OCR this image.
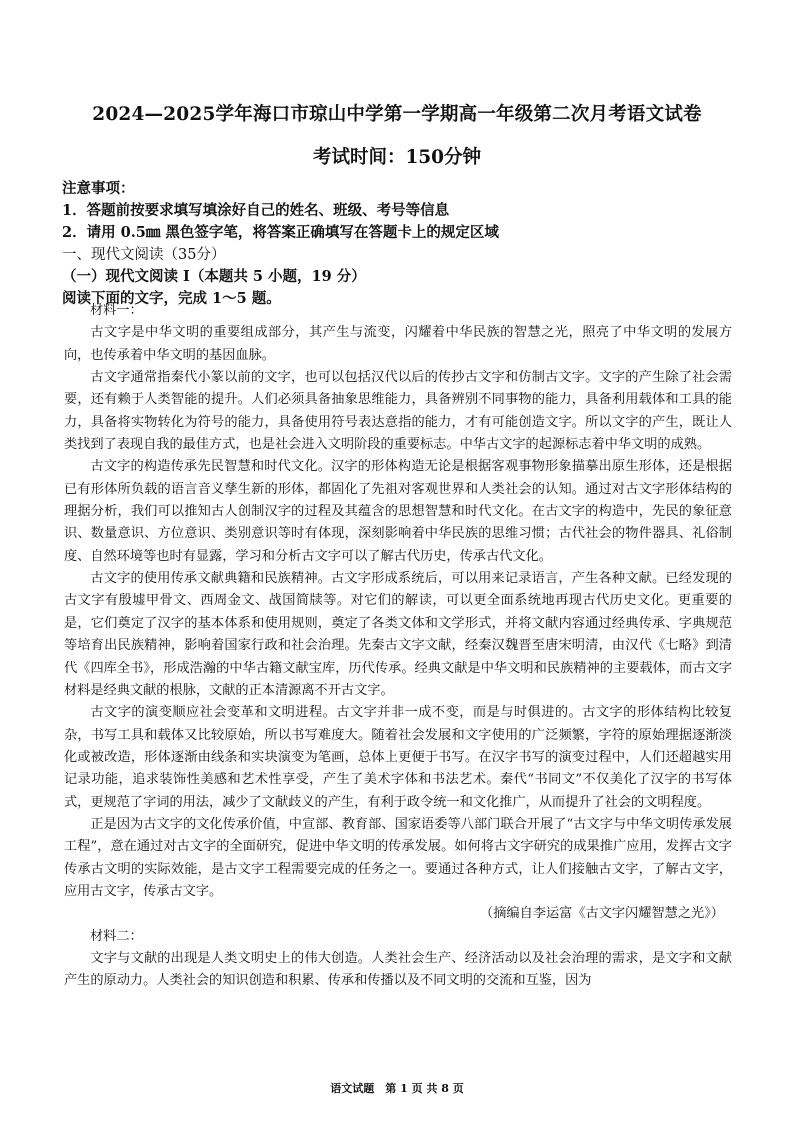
2024—2025学年海口市琼山中学第一学期高一年级第二次月考语文试卷
考试时间：150分钟
注意事项：
1．答题前按要求填写填涂好自己的姓名、班级、考号等信息
2．请用 0.5㎜ 黑色签字笔，将答案正确填写在答题卡上的规定区域
一、现代文阅读（35分）
（一）现代文阅读 Ⅰ（本题共 5 小题，19 分）
阅读下面的文字，完成 1～5 题。

材料一：

古文字是中华文明的重要组成部分，其产生与流变，闪耀着中华民族的智慧之光，照亮了中华文明的发展方向，也传承着中华文明的基因血脉。

古文字通常指秦代小篆以前的文字，也可以包括汉代以后的传抄古文字和仿制古文字。文字的产生除了社会需要，还有赖于人类智能的提升。人们必须具备抽象思维能力，具备辨别不同事物的能力，具备利用载体和工具的能力，具备将实物转化为符号的能力，具备使用符号表达意指的能力，才有可能创造文字。所以文字的产生，既让人类找到了表现自我的最佳方式，也是社会进入文明阶段的重要标志。中华古文字的起源标志着中华文明的成熟。

古文字的构造传承先民智慧和时代文化。汉字的形体构造无论是根据客观事物形象描摹出原生形体，还是根据已有形体所负载的语言音义孳生新的形体，都固化了先祖对客观世界和人类社会的认知。通过对古文字形体结构的理据分析，我们可以推知古人创制汉字的过程及其蕴含的思想智慧和时代文化。在古文字的构造中，先民的象征意识、数量意识、方位意识、类别意识等时有体现，深刻影响着中华民族的思维习惯；古代社会的物件器具、礼俗制度、自然环境等也时有显露，学习和分析古文字可以了解古代历史，传承古代文化。

古文字的使用传承文献典籍和民族精神。古文字形成系统后，可以用来记录语言，产生各种文献。已经发现的古文字有殷墟甲骨文、西周金文、战国简牍等。对它们的解读，可以更全面系统地再现古代历史文化。更重要的是，它们奠定了汉字的基本体系和使用规则，奠定了各类文体和文学形式，并将文献内容通过经典传承、字典规范等培育出民族精神，影响着国家行政和社会治理。先秦古文字文献，经秦汉魏晋至唐宋明清，由汉代《七略》到清代《四库全书》，形成浩瀚的中华古籍文献宝库，历代传承。经典文献是中华文明和民族精神的主要载体，而古文字材料是经典文献的根脉，文献的正本清源离不开古文字。

古文字的演变顺应社会变革和文明进程。古文字并非一成不变，而是与时俱进的。古文字的形体结构比较复杂，书写工具和载体又比较原始，所以书写难度大。随着社会发展和文字使用的广泛频繁，字符的原始理据逐渐淡化或被改造，形体逐渐由线条和实块演变为笔画，总体上更便于书写。在汉字书写的演变过程中，人们还超越实用记录功能，追求装饰性美感和艺术性享受，产生了美术字体和书法艺术。秦代“书同文”不仅美化了汉字的书写体式，更规范了字词的用法，减少了文献歧义的产生，有利于政令统一和文化推广，从而提升了社会的文明程度。

正是因为古文字的文化传承价值，中宣部、教育部、国家语委等八部门联合开展了“古文字与中华文明传承发展工程”，意在通过对古文字的全面研究，促进中华文明的传承发展。如何将古文字研究的成果推广应用，发挥古文字传承古文明的实际效能，是古文字工程需要完成的任务之一。要通过各种方式，让人们接触古文字，了解古文字，应用古文字，传承古文字。

（摘编自李运富《古文字闪耀智慧之光》）

材料二：

文字与文献的出现是人类文明史上的伟大创造。人类社会生产、经济活动以及社会治理的需求，是文字和文献产生的原动力。人类社会的知识创造和积累、传承和传播以及不同文明的交流和互鉴，因为

语文试题　第 1 页 共 8 页
